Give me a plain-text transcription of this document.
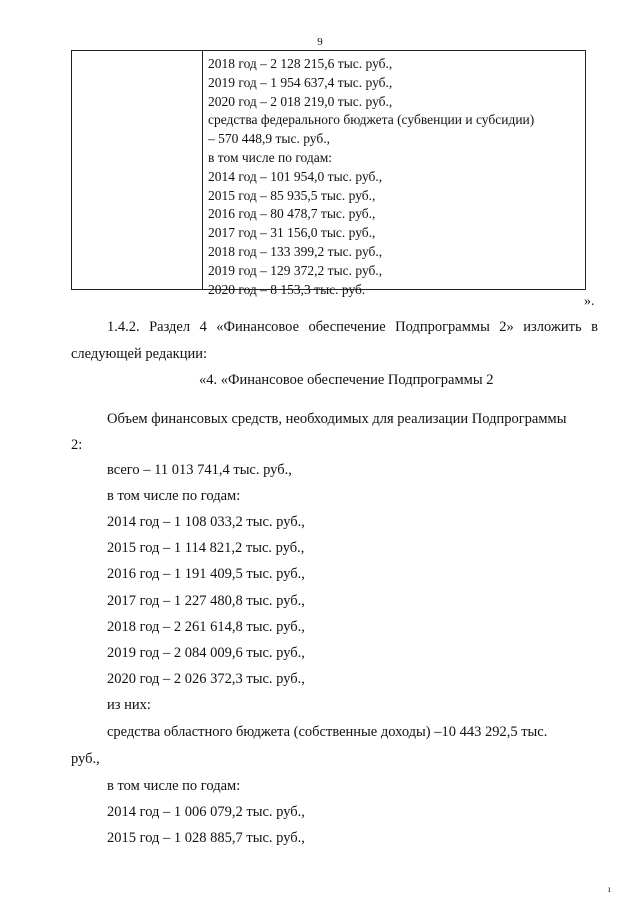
9
2018 год – 2 128 215,6 тыс. руб.,
2019 год – 1 954 637,4 тыс. руб.,
2020 год – 2 018 219,0 тыс. руб.,
средства федерального бюджета (субвенции и субсидии)
– 570 448,9 тыс. руб.,
в том числе по годам:
2014 год – 101 954,0 тыс. руб.,
2015 год – 85 935,5 тыс. руб.,
2016 год – 80 478,7 тыс. руб.,
2017 год – 31 156,0 тыс. руб.,
2018 год – 133 399,2 тыс. руб.,
2019 год – 129 372,2 тыс. руб.,
2020 год – 8 153,3 тыс. руб.
».
1.4.2. Раздел 4 «Финансовое обеспечение Подпрограммы 2» изложить в
следующей редакции:
«4. «Финансовое обеспечение Подпрограммы 2
Объем финансовых средств, необходимых для реализации Подпрограммы
2:
всего – 11 013 741,4 тыс. руб.,
в том числе по годам:
2014 год – 1 108 033,2 тыс. руб.,
2015 год – 1 114 821,2 тыс. руб.,
2016 год – 1 191 409,5 тыс. руб.,
2017 год – 1 227 480,8 тыс. руб.,
2018 год – 2 261 614,8 тыс. руб.,
2019 год – 2 084 009,6 тыс. руб.,
2020 год – 2 026 372,3 тыс. руб.,
из них:
средства областного бюджета (собственные доходы) –10 443 292,5 тыс.
руб.,
в том числе по годам:
2014 год – 1 006 079,2 тыс. руб.,
2015 год – 1 028 885,7 тыс. руб.,
ı
